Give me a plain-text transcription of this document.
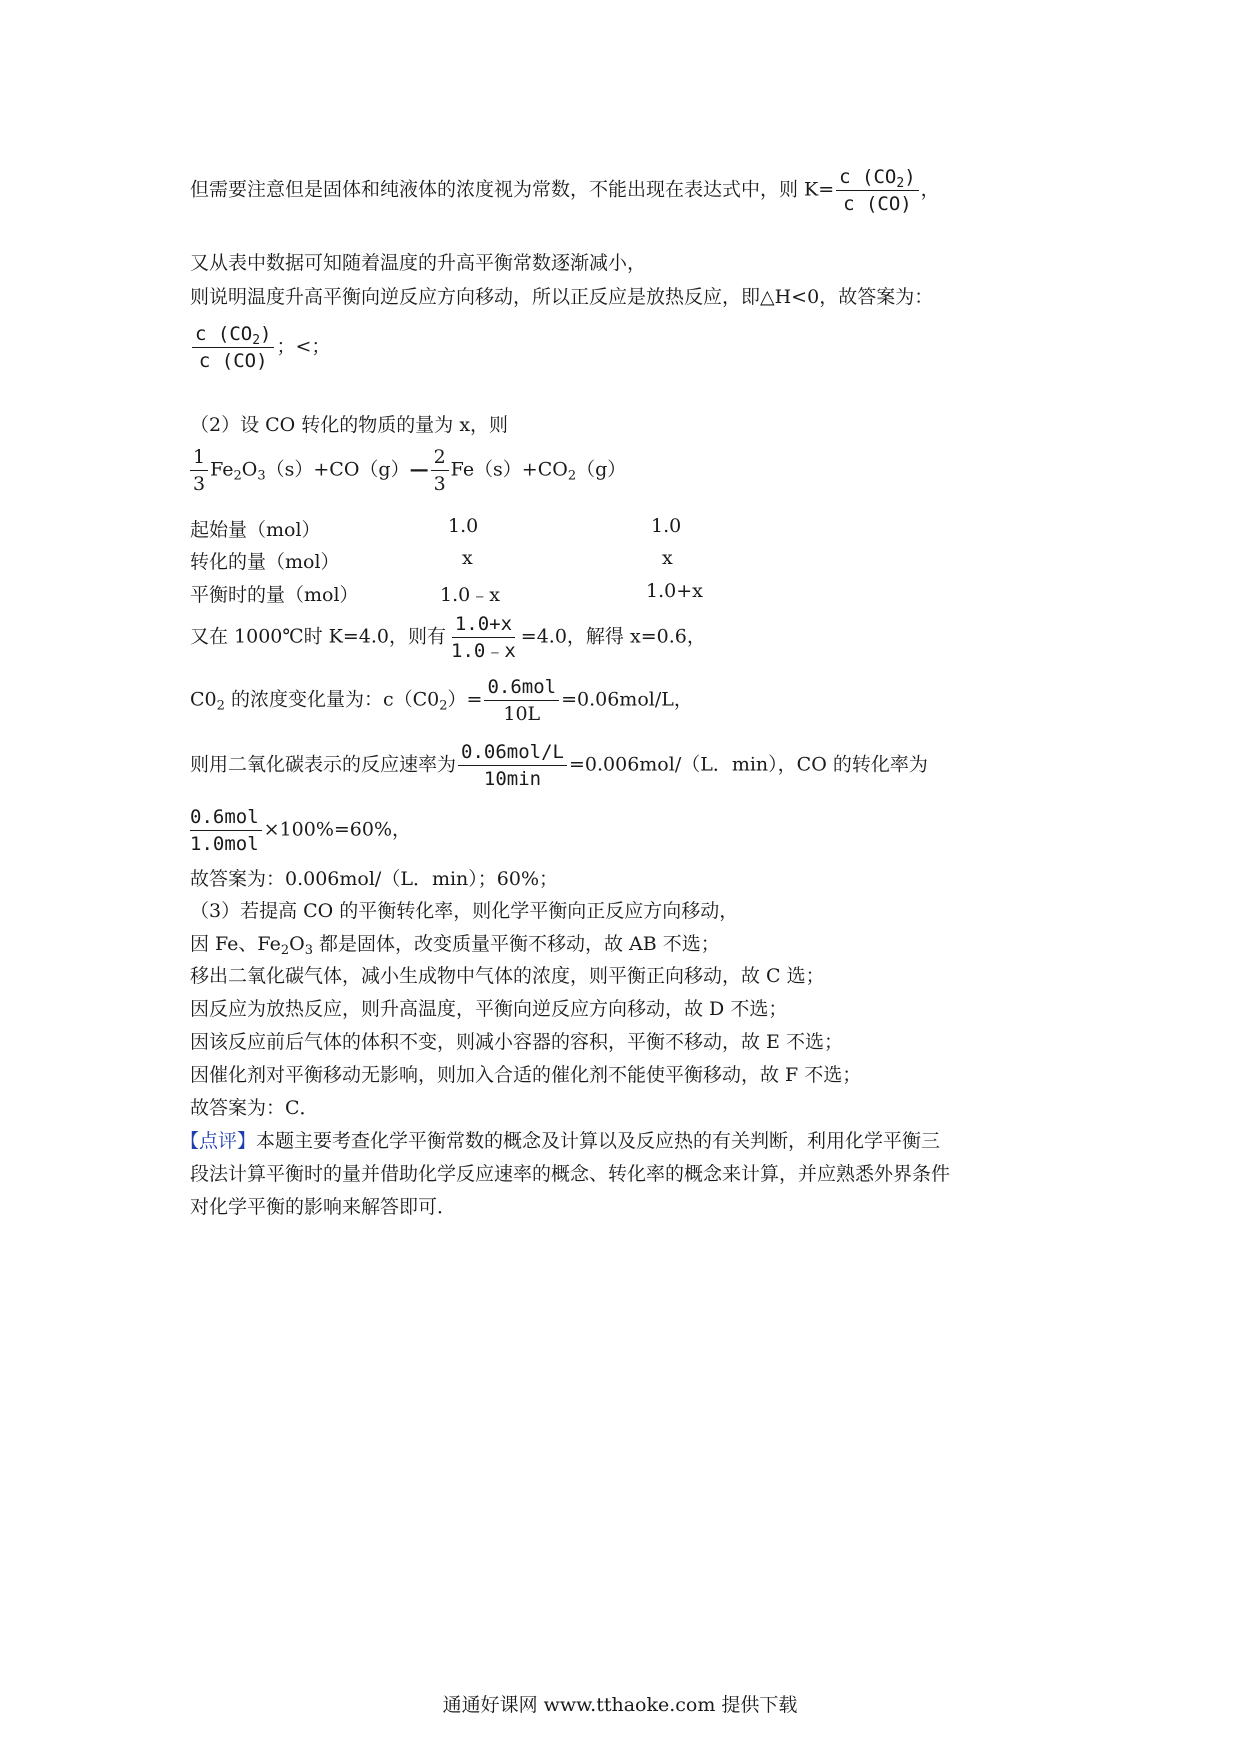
但需要注意但是固体和纯液体的浓度视为常数，不能出现在表达式中，则 $K= \frac{c (CO_2)}{c (CO)}$ ，
又从表中数据可知随着温度的升高平衡常数逐渐减小，
则说明温度升高平衡向逆反应方向移动，所以正反应是放热反应，即△H<0，故答案为：
$\frac{c (CO_2)}{c (CO)}$ ；<；
（2）设 CO 转化的物质的量为 x，则
$\frac{1}{3}$ $Fe_2O_3(s)+CO(g)— \frac{2}{3} Fe(s)+CO_2(g)$
起始量（mol）	1.0	1.0
转化的量（mol）	x	x
平衡时的量（mol）	1.0﹣x	1.0+x
又在 1000℃时 K=4.0，则有 $\frac{1.0+x}{1.0﹣x} =4.0$，解得 x=0.6，
$C0_2$ 的浓度变化量为：$c(C0_2)= \frac{\text{0.6mol}}{10L} =0.06mol/L$，
则用二氧化碳表示的反应速率为 $\frac{\text{0.06mol/L}}{10\min} =0.006mol/(L$．min），CO 的转化率为
$\frac{\text{0.6mol}}{\text{1.0mol}} \times 100\%=60\%$，
故答案为：0.006mol/（L．min）；60%；
（3）若提高 CO 的平衡转化率，则化学平衡向正反应方向移动，
因 Fe、$Fe_2O_3$ 都是固体，改变质量平衡不移动，故 AB 不选；
移出二氧化碳气体，减小生成物中气体的浓度，则平衡正向移动，故 C 选；
因反应为放热反应，则升高温度，平衡向逆反应方向移动，故 D 不选；
因该反应前后气体的体积不变，则减小容器的容积，平衡不移动，故 E 不选；
因催化剂对平衡移动无影响，则加入合适的催化剂不能使平衡移动，故 F 不选；
故答案为：C．
【点评】本题主要考查化学平衡常数的概念及计算以及反应热的有关判断，利用化学平衡三
段法计算平衡时的量并借助化学反应速率的概念、转化率的概念来计算，并应熟悉外界条件
对化学平衡的影响来解答即可．
通通好课网 www.tthaoke.com 提供下载
